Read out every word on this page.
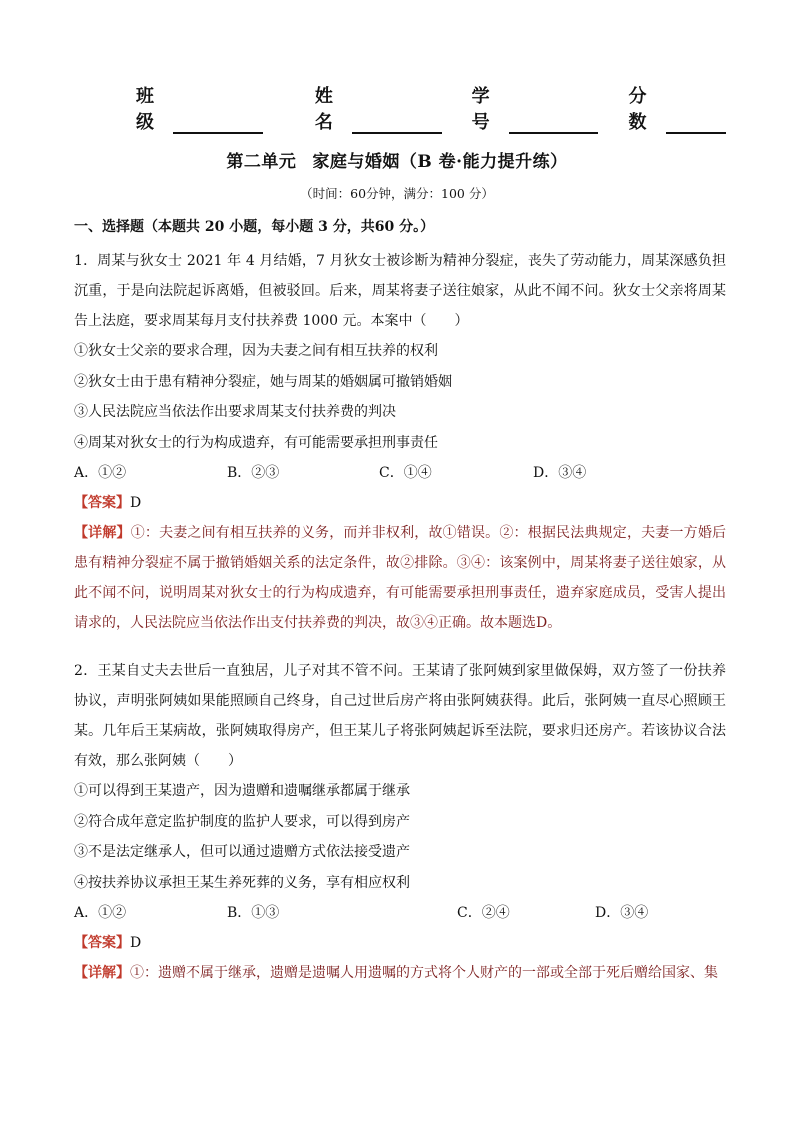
班级
姓名
学号
分数
第二单元 家庭与婚姻（B 卷·能力提升练）
（时间：60分钟，满分：100 分）
一、选择题（本题共 20 小题，每小题 3 分，共60 分。）
1．周某与狄女士 2021 年 4 月结婚，7 月狄女士被诊断为精神分裂症，丧失了劳动能力，周某深感负担沉重，于是向法院起诉离婚，但被驳回。后来，周某将妻子送往娘家，从此不闻不问。狄女士父亲将周某告上法庭，要求周某每月支付扶养费 1000 元。本案中（　　）
①狄女士父亲的要求合理，因为夫妻之间有相互扶养的权利
②狄女士由于患有精神分裂症，她与周某的婚姻属可撤销婚姻
③人民法院应当依法作出要求周某支付扶养费的判决
④周某对狄女士的行为构成遗弃，有可能需要承担刑事责任
A．①②	B．②③	C．①④	D．③④
【答案】D
【详解】①：夫妻之间有相互扶养的义务，而并非权利，故①错误。②：根据民法典规定，夫妻一方婚后患有精神分裂症不属于撤销婚姻关系的法定条件，故②排除。③④：该案例中，周某将妻子送往娘家，从此不闻不问，说明周某对狄女士的行为构成遗弃，有可能需要承担刑事责任，遗弃家庭成员，受害人提出请求的，人民法院应当依法作出支付扶养费的判决，故③④正确。故本题选D。
2．王某自丈夫去世后一直独居，儿子对其不管不问。王某请了张阿姨到家里做保姆，双方签了一份扶养协议，声明张阿姨如果能照顾自己终身，自己过世后房产将由张阿姨获得。此后，张阿姨一直尽心照顾王某。几年后王某病故，张阿姨取得房产，但王某儿子将张阿姨起诉至法院，要求归还房产。若该协议合法有效，那么张阿姨（　　）
①可以得到王某遗产，因为遗赠和遗嘱继承都属于继承
②符合成年意定监护制度的监护人要求，可以得到房产
③不是法定继承人，但可以通过遗赠方式依法接受遗产
④按扶养协议承担王某生养死葬的义务，享有相应权利
A．①②	B．①③	C．②④	D．③④
【答案】D
【详解】①：遗赠不属于继承，遗赠是遗嘱人用遗嘱的方式将个人财产的一部或全部于死后赠给国家、集
